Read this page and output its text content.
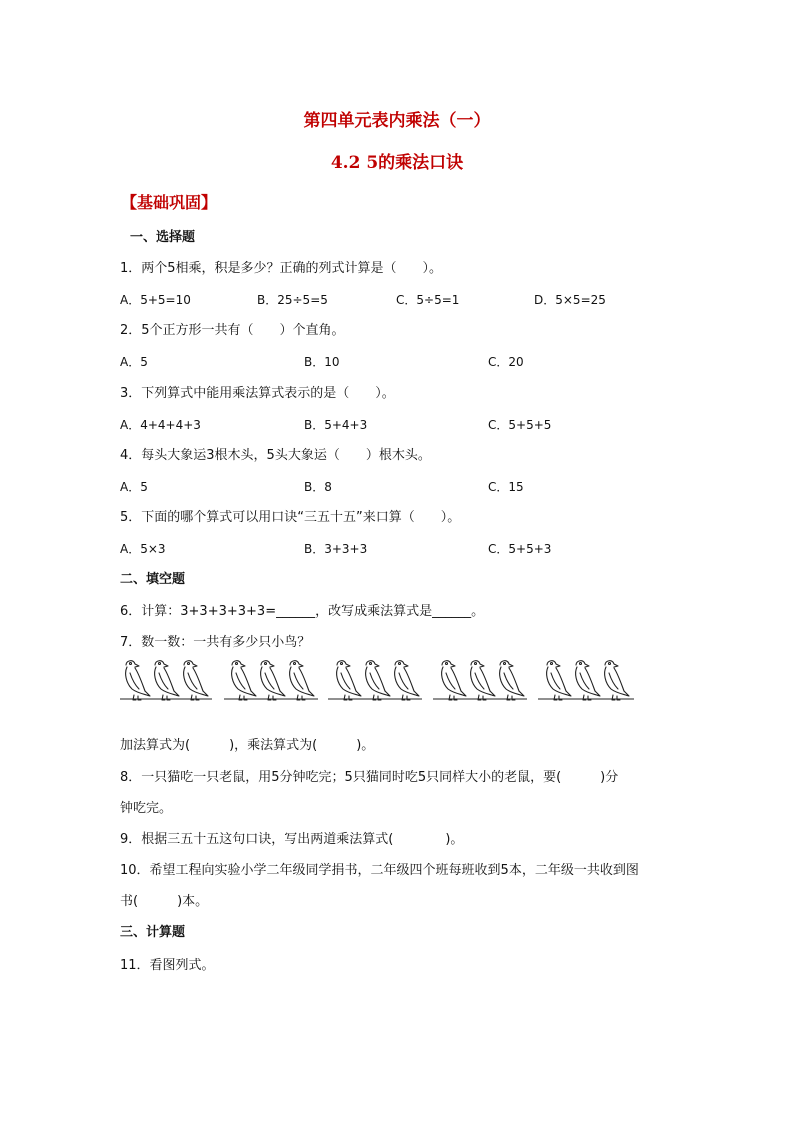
第四单元表内乘法（一）
4.2 5的乘法口诀
【基础巩固】
一、选择题
1．两个5相乘，积是多少？正确的列式计算是（　　）。
A．5+5=10	B．25÷5=5	C．5÷5=1	D．5×5=25
2．5个正方形一共有（　　）个直角。
A．5	B．10	C．20
3．下列算式中能用乘法算式表示的是（　　）。
A．4+4+4+3	B．5+4+3	C．5+5+5
4．每头大象运3根木头，5头大象运（　　）根木头。
A．5	B．8	C．15
5．下面的哪个算式可以用口诀“三五十五”来口算（　　）。
A．5×3	B．3+3+3	C．5+5+3
二、填空题
6．计算：3+3+3+3+3=______，改写成乘法算式是______。
7．数一数：一共有多少只小鸟？
加法算式为(　　　)，乘法算式为(　　　)。
8．一只猫吃一只老鼠，用5分钟吃完；5只猫同时吃5只同样大小的老鼠，要(　　　)分
钟吃完。
9．根据三五十五这句口诀，写出两道乘法算式(　　　　)。
10．希望工程向实验小学二年级同学捐书，二年级四个班每班收到5本，二年级一共收到图
书(　　　)本。
三、计算题
11．看图列式。
